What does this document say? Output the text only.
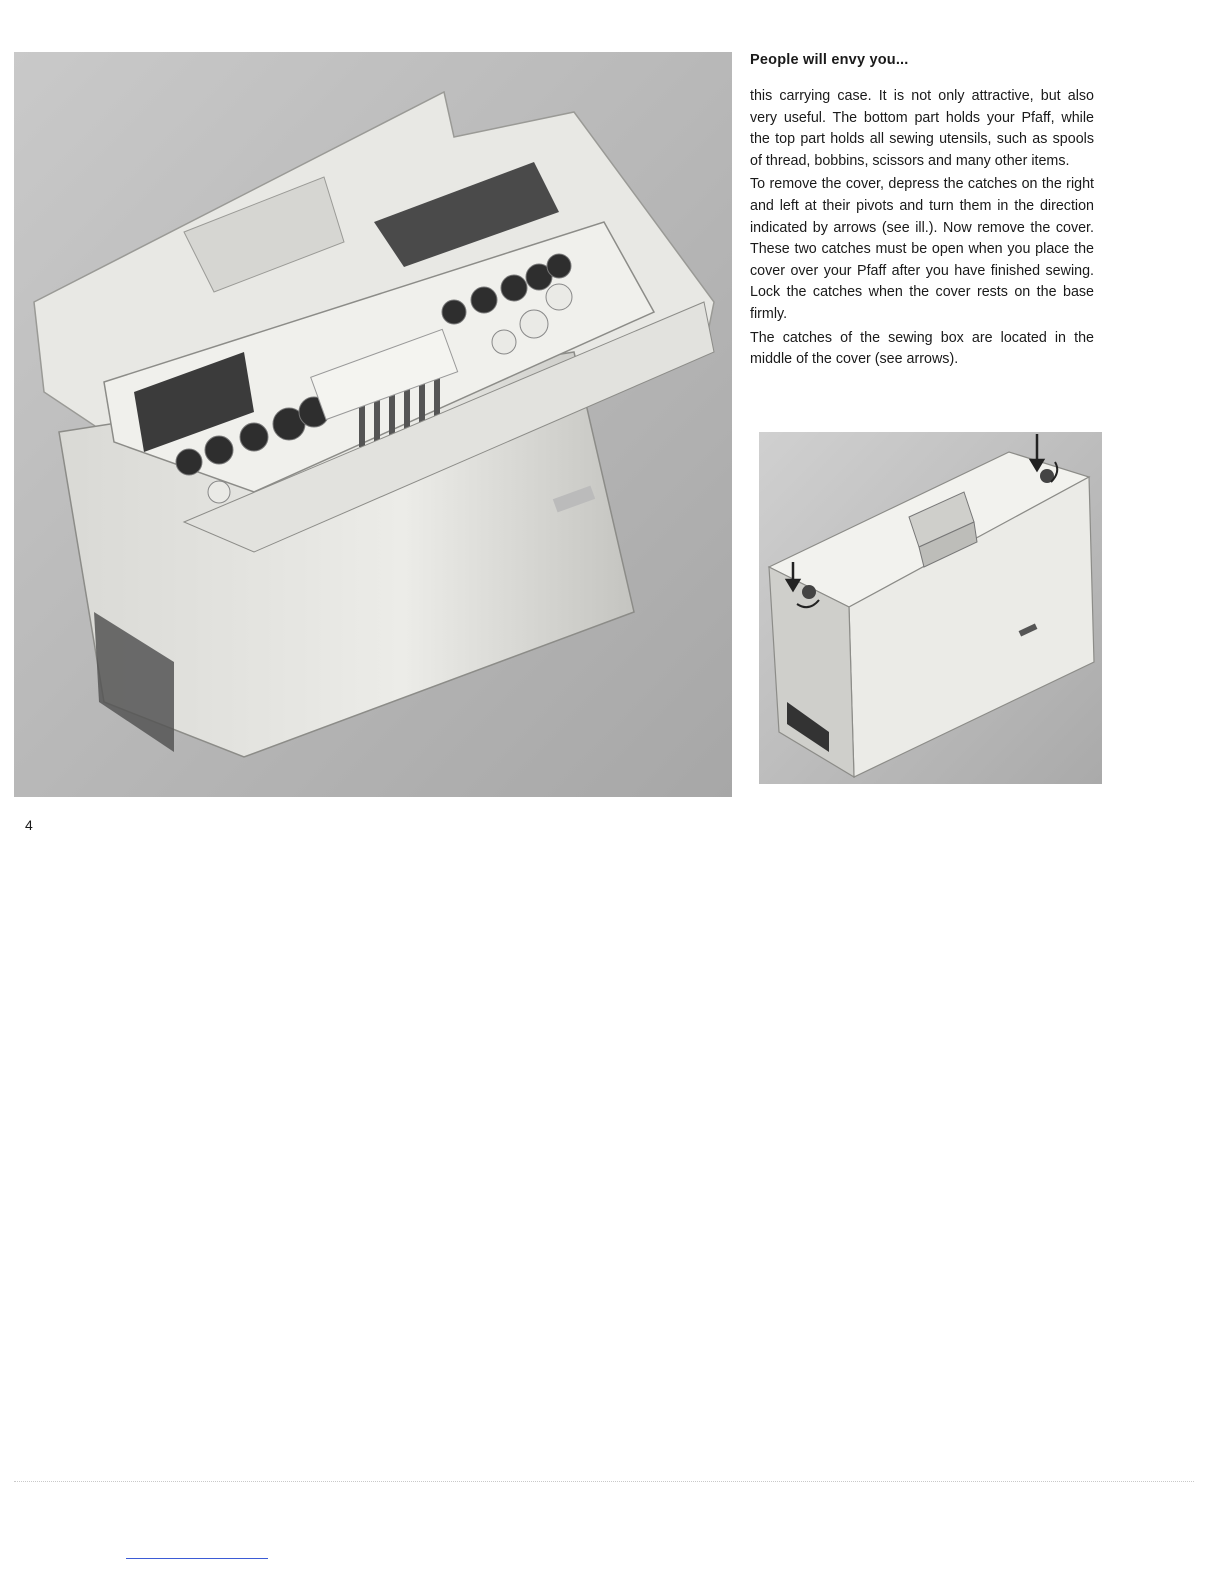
People will envy you...

this carrying case. It is not only attractive, but also very useful. The bottom part holds your Pfaff, while the top part holds all sewing utensils, such as spools of thread, bobbins, scissors and many other items.

To remove the cover, depress the catches on the right and left at their pivots and turn them in the direction indicated by arrows (see ill.). Now remove the cover. These two catches must be open when you place the cover over your Pfaff after you have finished sewing. Lock the catches when the cover rests on the base firmly.

The catches of the sewing box are located in the middle of the cover (see arrows).

4
